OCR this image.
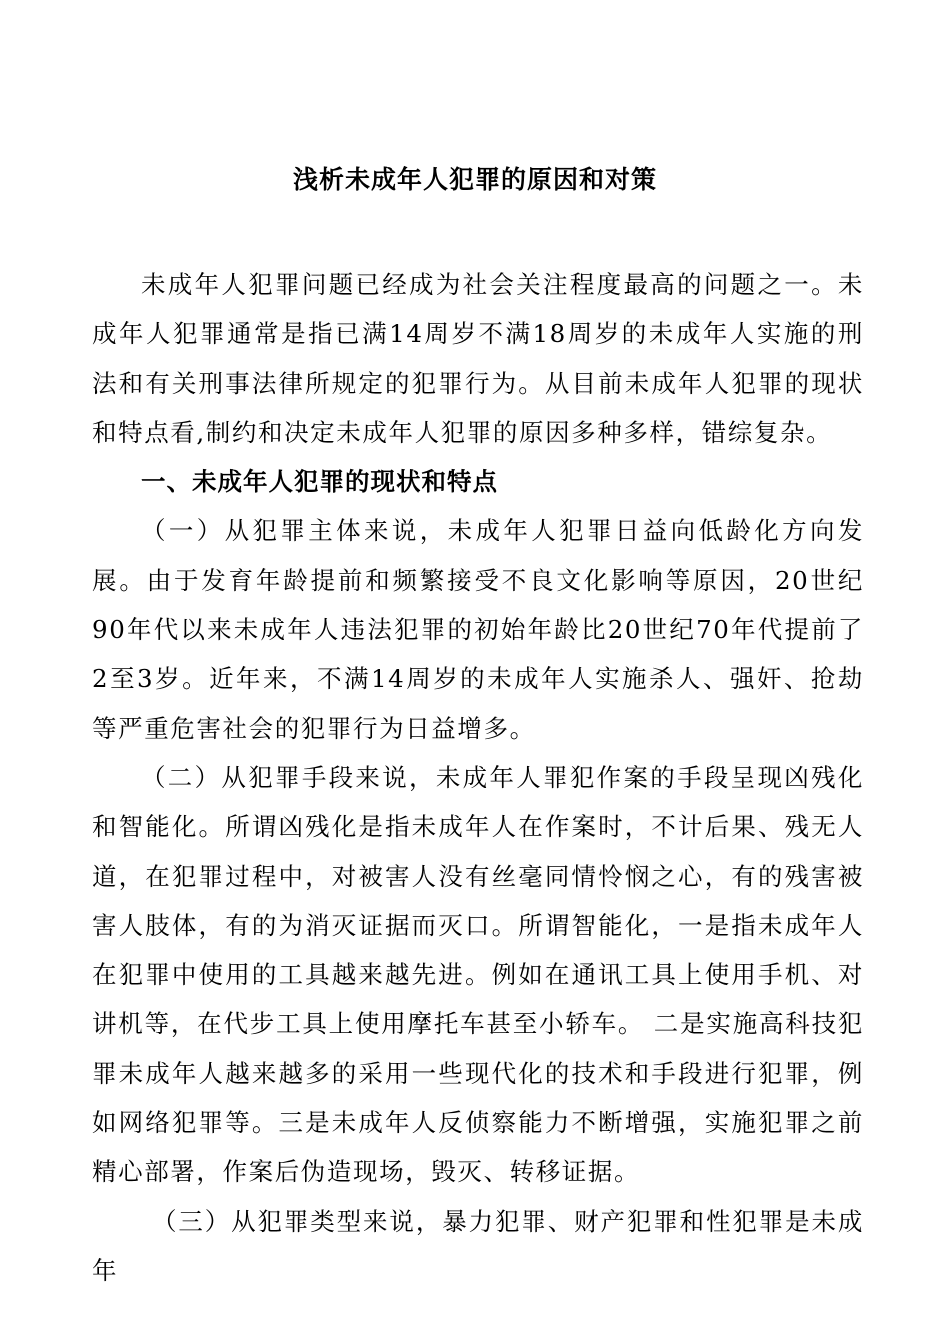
浅析未成年人犯罪的原因和对策

未成年人犯罪问题已经成为社会关注程度最高的问题之一。未成年人犯罪通常是指已满14周岁不满18周岁的未成年人实施的刑法和有关刑事法律所规定的犯罪行为。从目前未成年人犯罪的现状和特点看,制约和决定未成年人犯罪的原因多种多样，错综复杂。

一、未成年人犯罪的现状和特点

（一）从犯罪主体来说，未成年人犯罪日益向低龄化方向发展。由于发育年龄提前和频繁接受不良文化影响等原因，20世纪90年代以来未成年人违法犯罪的初始年龄比20世纪70年代提前了2至3岁。近年来，不满14周岁的未成年人实施杀人、强奸、抢劫等严重危害社会的犯罪行为日益增多。

（二）从犯罪手段来说，未成年人罪犯作案的手段呈现凶残化和智能化。所谓凶残化是指未成年人在作案时，不计后果、残无人道，在犯罪过程中，对被害人没有丝毫同情怜悯之心，有的残害被害人肢体，有的为消灭证据而灭口。所谓智能化，一是指未成年人在犯罪中使用的工具越来越先进。例如在通讯工具上使用手机、对讲机等，在代步工具上使用摩托车甚至小轿车。 二是实施高科技犯罪未成年人越来越多的采用一些现代化的技术和手段进行犯罪，例如网络犯罪等。三是未成年人反侦察能力不断增强，实施犯罪之前精心部署，作案后伪造现场，毁灭、转移证据。

（三）从犯罪类型来说，暴力犯罪、财产犯罪和性犯罪是未成年
